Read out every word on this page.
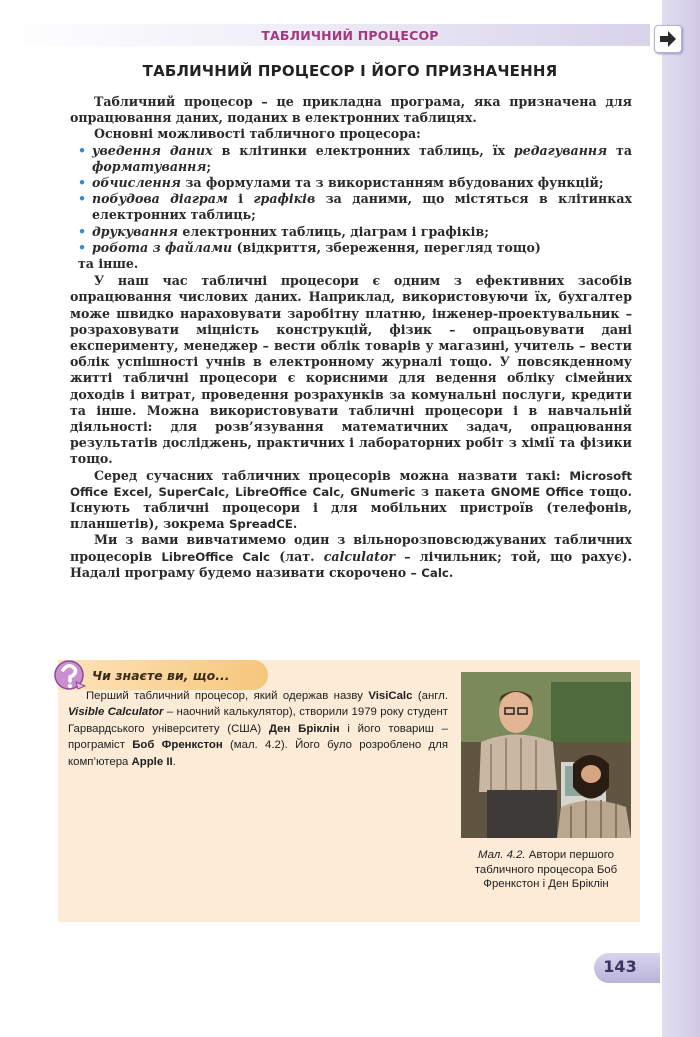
ТАБЛИЧНИЙ ПРОЦЕСОР
ТАБЛИЧНИЙ ПРОЦЕСОР І ЙОГО ПРИЗНАЧЕННЯ

Табличний процесор – це прикладна програма, яка призначена для опрацювання даних, поданих в електронних таблицях.

Основні можливості табличного процесора:

• уведення даних в клітинки електронних таблиць, їх редагування та форматування;
• обчислення за формулами та з використанням вбудованих функцій;
• побудова діаграм і графіків за даними, що містяться в клітинках електронних таблиць;
• друкування електронних таблиць, діаграм і графіків;
• робота з файлами (відкриття, збереження, перегляд тощо)

та інше.

У наш час табличні процесори є одним з ефективних засобів опрацювання числових даних. Наприклад, використовуючи їх, бухгалтер може швидко нараховувати заробітну платню, інженер-проектувальник – розраховувати міцність конструкцій, фізик – опрацьовувати дані експерименту, менеджер – вести облік товарів у магазині, учитель – вести облік успішності учнів в електронному журналі тощо. У повсякденному житті табличні процесори є корисними для ведення обліку сімейних доходів і витрат, проведення розрахунків за комунальні послуги, кредити та інше. Можна використовувати табличні процесори і в навчальній діяльності: для розв’язування математичних задач, опрацювання результатів досліджень, практичних і лабораторних робіт з хімії та фізики тощо.

Серед сучасних табличних процесорів можна назвати такі: Microsoft Office Excel, SuperCalc, LibreOffice Calc, GNumeric з пакета GNOME Office тощо. Існують табличні процесори і для мобільних пристроїв (телефонів, планшетів), зокрема SpreadCE.

Ми з вами вивчатимемо один з вільнорозповсюджуваних табличних процесорів LibreOffice Calc (лат. calculator – лічильник; той, що рахує). Надалі програму будемо називати скорочено – Calc.

Чи знаєте ви, що...

Перший табличний процесор, який одержав назву VisiCalc (англ. Visible Calculator – наочний калькулятор), створили 1979 року студент Гарвардського університету (США) Ден Бріклін і його товариш – програміст Боб Френкстон (мал. 4.2). Його було розроблено для комп’ютера Apple II.

Мал. 4.2. Автори першого табличного процесора Боб Френкстон і Ден Бріклін
143
